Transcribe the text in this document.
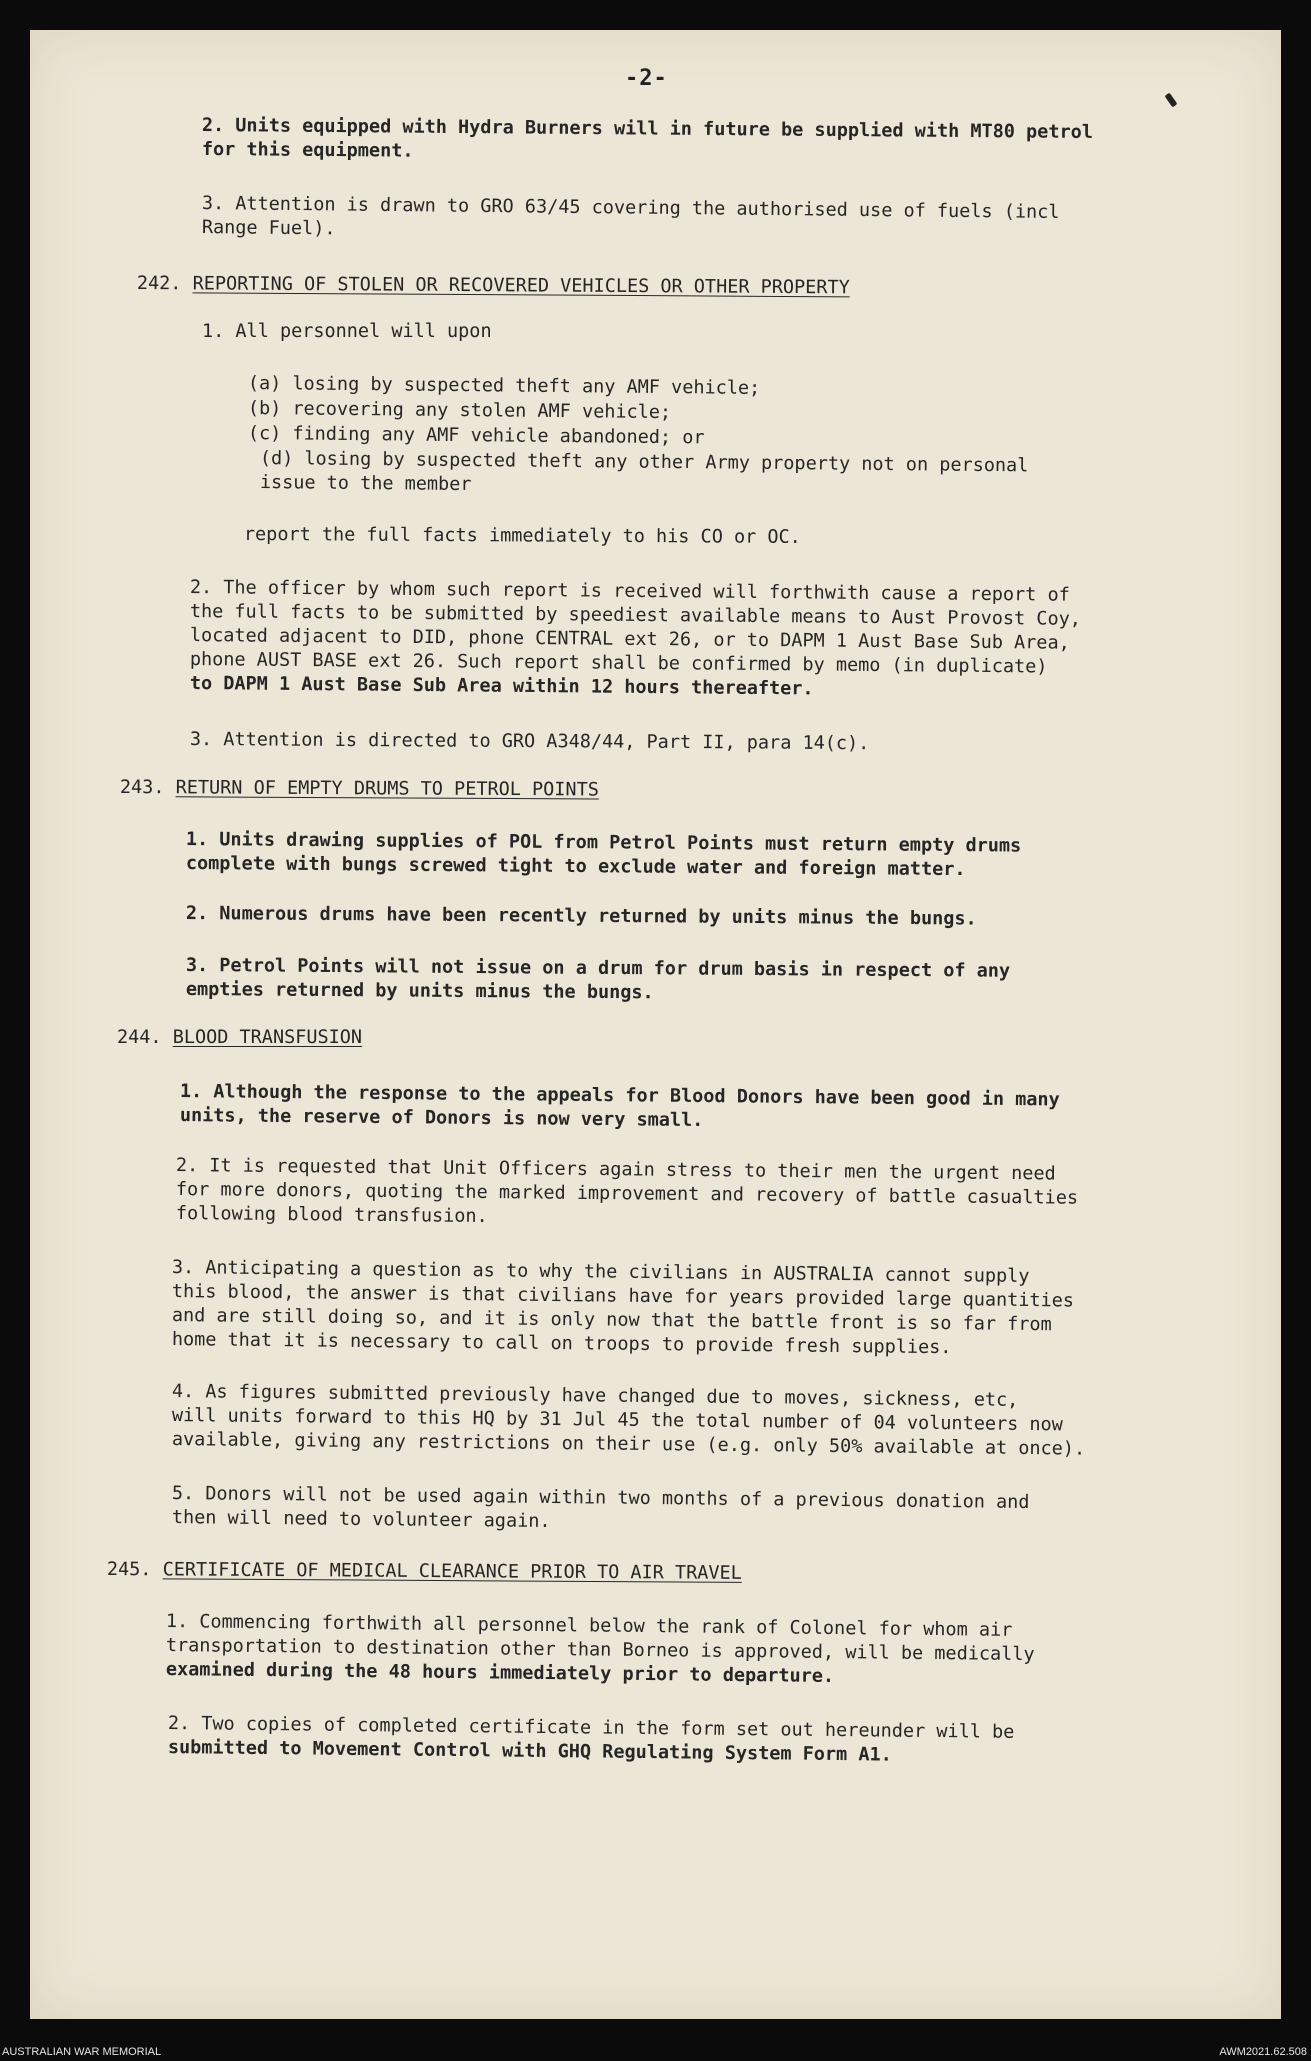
-2-
2. Units equipped with Hydra Burners will in future be supplied with MT80 petrol
for this equipment.
3. Attention is drawn to GRO 63/45 covering the authorised use of fuels (incl
Range Fuel).
242. REPORTING OF STOLEN OR RECOVERED VEHICLES OR OTHER PROPERTY
1. All personnel will upon
(a) losing by suspected theft any AMF vehicle;
(b) recovering any stolen AMF vehicle;
(c) finding any AMF vehicle abandoned; or
(d) losing by suspected theft any other Army property not on personal
issue to the member
report the full facts immediately to his CO or OC.
2. The officer by whom such report is received will forthwith cause a report of
the full facts to be submitted by speediest available means to Aust Provost Coy,
located adjacent to DID, phone CENTRAL ext 26, or to DAPM 1 Aust Base Sub Area,
phone AUST BASE ext 26. Such report shall be confirmed by memo (in duplicate)
to DAPM 1 Aust Base Sub Area within 12 hours thereafter.
3. Attention is directed to GRO A348/44, Part II, para 14(c).
243. RETURN OF EMPTY DRUMS TO PETROL POINTS
1. Units drawing supplies of POL from Petrol Points must return empty drums
complete with bungs screwed tight to exclude water and foreign matter.
2. Numerous drums have been recently returned by units minus the bungs.
3. Petrol Points will not issue on a drum for drum basis in respect of any
empties returned by units minus the bungs.
244. BLOOD TRANSFUSION
1. Although the response to the appeals for Blood Donors have been good in many
units, the reserve of Donors is now very small.
2. It is requested that Unit Officers again stress to their men the urgent need
for more donors, quoting the marked improvement and recovery of battle casualties
following blood transfusion.
3. Anticipating a question as to why the civilians in AUSTRALIA cannot supply
this blood, the answer is that civilians have for years provided large quantities
and are still doing so, and it is only now that the battle front is so far from
home that it is necessary to call on troops to provide fresh supplies.
4. As figures submitted previously have changed due to moves, sickness, etc,
will units forward to this HQ by 31 Jul 45 the total number of 04 volunteers now
available, giving any restrictions on their use (e.g. only 50% available at once).
5. Donors will not be used again within two months of a previous donation and
then will need to volunteer again.
245. CERTIFICATE OF MEDICAL CLEARANCE PRIOR TO AIR TRAVEL
1. Commencing forthwith all personnel below the rank of Colonel for whom air
transportation to destination other than Borneo is approved, will be medically
examined during the 48 hours immediately prior to departure.
2. Two copies of completed certificate in the form set out hereunder will be
submitted to Movement Control with GHQ Regulating System Form A1.
AUSTRALIAN WAR MEMORIAL	AWM2021.62.508
